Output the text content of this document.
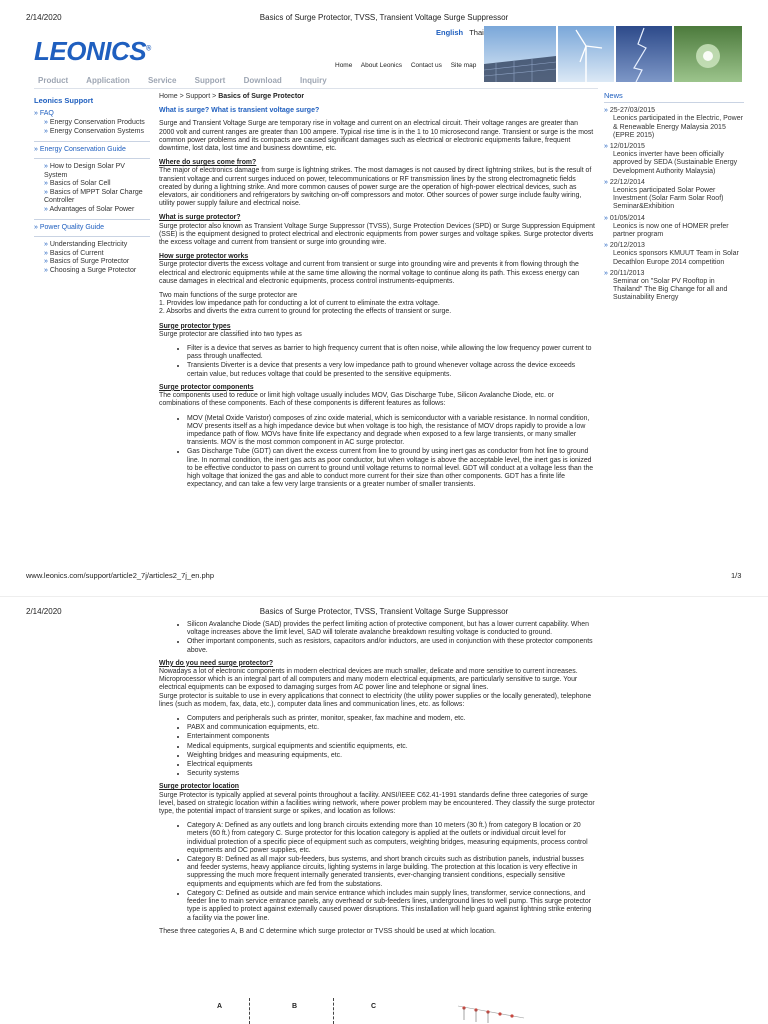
2/14/2020	Basics of Surge Protector, TVSS, Transient Voltage Surge Suppressor
LEONICS®
English Thai
Home About Leonics Contact us Site map
Product Application Service Support Download Inquiry
Leonics Support
» FAQ
» Energy Conservation Products
» Energy Conservation Systems
» Energy Conservation Guide
» How to Design Solar PV System
» Basics of Solar Cell
» Basics of MPPT Solar Charge Controller
» Advantages of Solar Power
» Power Quality Guide
» Understanding Electricity
» Basics of Current
» Basics of Surge Protector
» Choosing a Surge Protector
News
» 25-27/03/2015
Leonics participated in the Electric, Power & Renewable Energy Malaysia 2015 (EPRE 2015)
» 12/01/2015
Leonics inverter have been officially approved by SEDA (Sustainable Energy Development Authority Malaysia)
» 22/12/2014
Leonics participated Solar Power Investment (Solar Farm Solar Roof) Seminar&Exhibition
» 01/05/2014
Leonics is now one of HOMER prefer partner program
» 20/12/2013
Leonics sponsors KMUUT Team in Solar Decathlon Europe 2014 competition
» 20/11/2013
Seminar on "Solar PV Rooftop in Thailand" The Big Change for all and Sustainability Energy
Home > Support > Basics of Surge Protector
What is surge? What is transient voltage surge?
Surge and Transient Voltage Surge are temporary rise in voltage and current on an electrical circuit. Their voltage ranges are greater than 2000 volt and current ranges are greater than 100 ampere. Typical rise time is in the 1 to 10 microsecond range. Transient or surge is the most common power problems and its compacts are caused significant damages such as electrical or electronic equipments failure, frequent downtime, lost data, lost time and business downtime, etc.
Where do surges come from?
The major of electronics damage from surge is lightning strikes. The most damages is not caused by direct lightning strikes, but is the result of transient voltage and current surges induced on power, telecommunications or RF transmission lines by the strong electromagnetic fields created by during a lightning strike. And more common causes of power surge are the operation of high-power electrical devices, such as elevators, air conditioners and refrigerators by switching on-off compressors and motor. Other sources of power surge include faulty wiring, utility power supply failure and electrical noise.
What is surge protector?
Surge protector also known as Transient Voltage Surge Suppressor (TVSS), Surge Protection Devices (SPD) or Surge Suppression Equipment (SSE) is the equipment designed to protect electrical and electronic equipments from power surges and voltage spikes. Surge protector diverts the excess voltage and current from transient or surge into grounding wire.
How surge protector works
Surge protector diverts the excess voltage and current from transient or surge into grounding wire and prevents it from flowing through the electrical and electronic equipments while at the same time allowing the normal voltage to continue along its path. This excess energy can cause damages in electrical and electronic equipments, process control instruments-equipments.
Two main functions of the surge protector are
1. Provides low impedance path for conducting a lot of current to eliminate the extra voltage.
2. Absorbs and diverts the extra current to ground for protecting the effects of transient or surge.
Surge protector types
Surge protector are classified into two types as
• Filter is a device that serves as barrier to high frequency current that is often noise, while allowing the low frequency power current to pass through unaffected.
• Transients Diverter is a device that presents a very low impedance path to ground whenever voltage across the device exceeds certain value, but reduces voltage that could be presented to the sensitive equipments.
Surge protector components
The components used to reduce or limit high voltage usually includes MOV, Gas Discharge Tube, Silicon Avalanche Diode, etc. or combinations of these components. Each of these components is different features as follows:
• MOV (Metal Oxide Varistor) composes of zinc oxide material, which is semiconductor with a variable resistance. In normal condition, MOV presents itself as a high impedance device but when voltage is too high, the resistance of MOV drops rapidly to provide a low impedance path of flow. MOVs have finite life expectancy and degrade when exposed to a few large transients, or many smaller transients. MOV is the most common component in AC surge protector.
• Gas Discharge Tube (GDT) can divert the excess current from line to ground by using inert gas as conductor from hot line to ground line. In normal condition, the inert gas acts as poor conductor, but when voltage is above the acceptable level, the inert gas is ionized to be effective conductor to pass on current to ground until voltage returns to normal level. GDT will conduct at a voltage less than the high voltage that ionized the gas and able to conduct more current for their size than other components. GDT has a finite life expectancy, and can take a few very large transients or a greater number of smaller transients.
www.leonics.com/support/article2_7j/articles2_7j_en.php	1/3
2/14/2020	Basics of Surge Protector, TVSS, Transient Voltage Surge Suppressor
• Silicon Avalanche Diode (SAD) provides the perfect limiting action of protective component, but has a lower current capability. When voltage increases above the limit level, SAD will tolerate avalanche breakdown resulting voltage is conducted to ground.
• Other important components, such as resistors, capacitors and/or inductors, are used in conjunction with these protector components above.
Why do you need surge protector?
Nowadays a lot of electronic components in modern electrical devices are much smaller, delicate and more sensitive to current increases. Microprocessor which is an integral part of all computers and many modern electrical equipments, are particularly sensitive to surge. Your electrical equipments can be exposed to damaging surges from AC power line and telephone or signal lines.
Surge protector is suitable to use in every applications that connect to electricity (the utility power supplies or the locally generated), telephone lines (such as modem, fax, data, etc.), computer data lines and communication lines, etc. as follows:
• Computers and peripherals such as printer, monitor, speaker, fax machine and modem, etc.
• PABX and communication equipments, etc.
• Entertainment components
• Medical equipments, surgical equipments and scientific equipments, etc.
• Weighting bridges and measuring equipments, etc.
• Electrical equipments
• Security systems
Surge protector location
Surge Protector is typically applied at several points throughout a facility. ANSI/IEEE C62.41-1991 standards define three categories of surge level, based on strategic location within a facilities wiring network, where power problem may be encountered. They classify the surge protector type, the potential impact of transient surge or spikes, and location as follows:
• Category A: Defined as any outlets and long branch circuits extending more than 10 meters (30 ft.) from category B location or 20 meters (60 ft.) from category C. Surge protector for this location category is applied at the outlets or individual circuit level for individual protection of a specific piece of equipment such as computers, weighting bridges, measuring equipments, process control equipments and DC power supplies, etc.
• Category B: Defined as all major sub-feeders, bus systems, and short branch circuits such as distribution panels, industrial busses and feeder systems, heavy appliance circuits, lighting systems in large building. The protection at this location is very effective in suppressing the much more frequent internally generated transients, ever-changing transient conditions, especially sensitive equipments and equipments which are fed from the substations.
• Category C: Defined as outside and main service entrance which includes main supply lines, transformer, service connections, and feeder line to main service entrance panels, any overhead or sub-feeders lines, underground lines to well pump. This surge protector type is applied to protect against externally caused power disruptions. This installation will help guard against lightning strike entering a facility via the power line.
These three categories A, B and C determine which surge protector or TVSS should be used at which location.
A	B	C
